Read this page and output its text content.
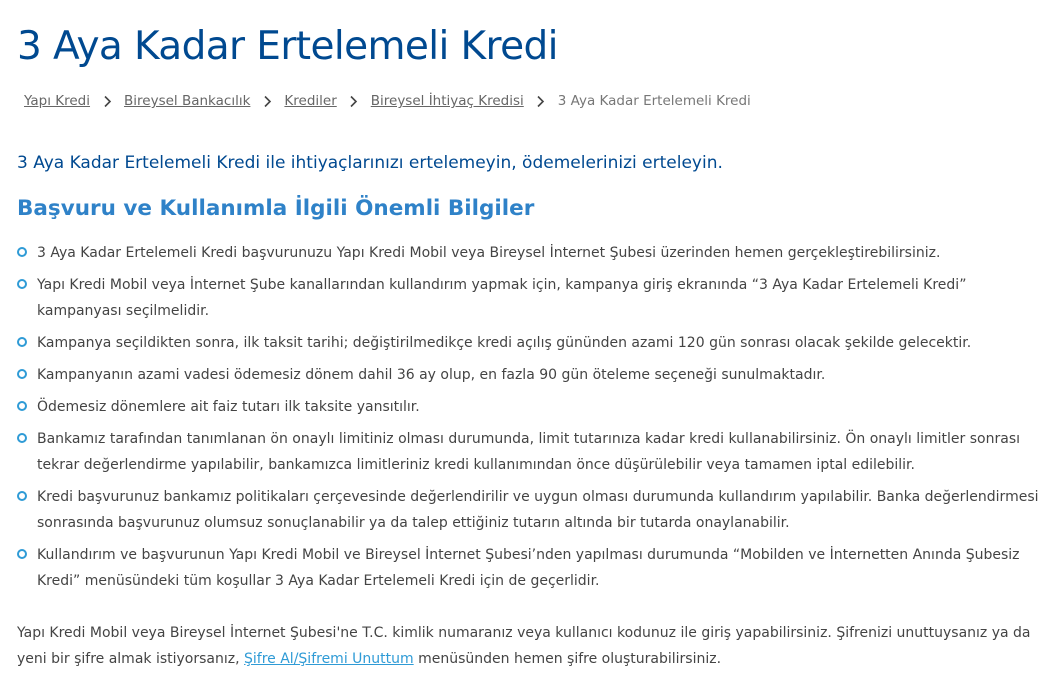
3 Aya Kadar Ertelemeli Kredi
Yapı Kredi	Bireysel Bankacılık	Krediler	Bireysel İhtiyaç Kredisi	3 Aya Kadar Ertelemeli Kredi
3 Aya Kadar Ertelemeli Kredi ile ihtiyaçlarınızı ertelemeyin, ödemelerinizi erteleyin.
Başvuru ve Kullanımla İlgili Önemli Bilgiler
3 Aya Kadar Ertelemeli Kredi başvurunuzu Yapı Kredi Mobil veya Bireysel İnternet Şubesi üzerinden hemen gerçekleştirebilirsiniz.
Yapı Kredi Mobil veya İnternet Şube kanallarından kullandırım yapmak için, kampanya giriş ekranında “3 Aya Kadar Ertelemeli Kredi” kampanyası seçilmelidir.
Kampanya seçildikten sonra, ilk taksit tarihi; değiştirilmedikçe kredi açılış gününden azami 120 gün sonrası olacak şekilde gelecektir.
Kampanyanın azami vadesi ödemesiz dönem dahil 36 ay olup, en fazla 90 gün öteleme seçeneği sunulmaktadır.
Ödemesiz dönemlere ait faiz tutarı ilk taksite yansıtılır.
Bankamız tarafından tanımlanan ön onaylı limitiniz olması durumunda, limit tutarınıza kadar kredi kullanabilirsiniz. Ön onaylı limitler sonrası tekrar değerlendirme yapılabilir, bankamızca limitleriniz kredi kullanımından önce düşürülebilir veya tamamen iptal edilebilir.
Kredi başvurunuz bankamız politikaları çerçevesinde değerlendirilir ve uygun olması durumunda kullandırım yapılabilir. Banka değerlendirmesi sonrasında başvurunuz olumsuz sonuçlanabilir ya da talep ettiğiniz tutarın altında bir tutarda onaylanabilir.
Kullandırım ve başvurunun Yapı Kredi Mobil ve Bireysel İnternet Şubesi’nden yapılması durumunda “Mobilden ve İnternetten Anında Şubesiz Kredi” menüsündeki tüm koşullar 3 Aya Kadar Ertelemeli Kredi için de geçerlidir.

Yapı Kredi Mobil veya Bireysel İnternet Şubesi'ne T.C. kimlik numaranız veya kullanıcı kodunuz ile giriş yapabilirsiniz. Şifrenizi unuttuysanız ya da yeni bir şifre almak istiyorsanız, Şifre Al/Şifremi Unuttum menüsünden hemen şifre oluşturabilirsiniz.
